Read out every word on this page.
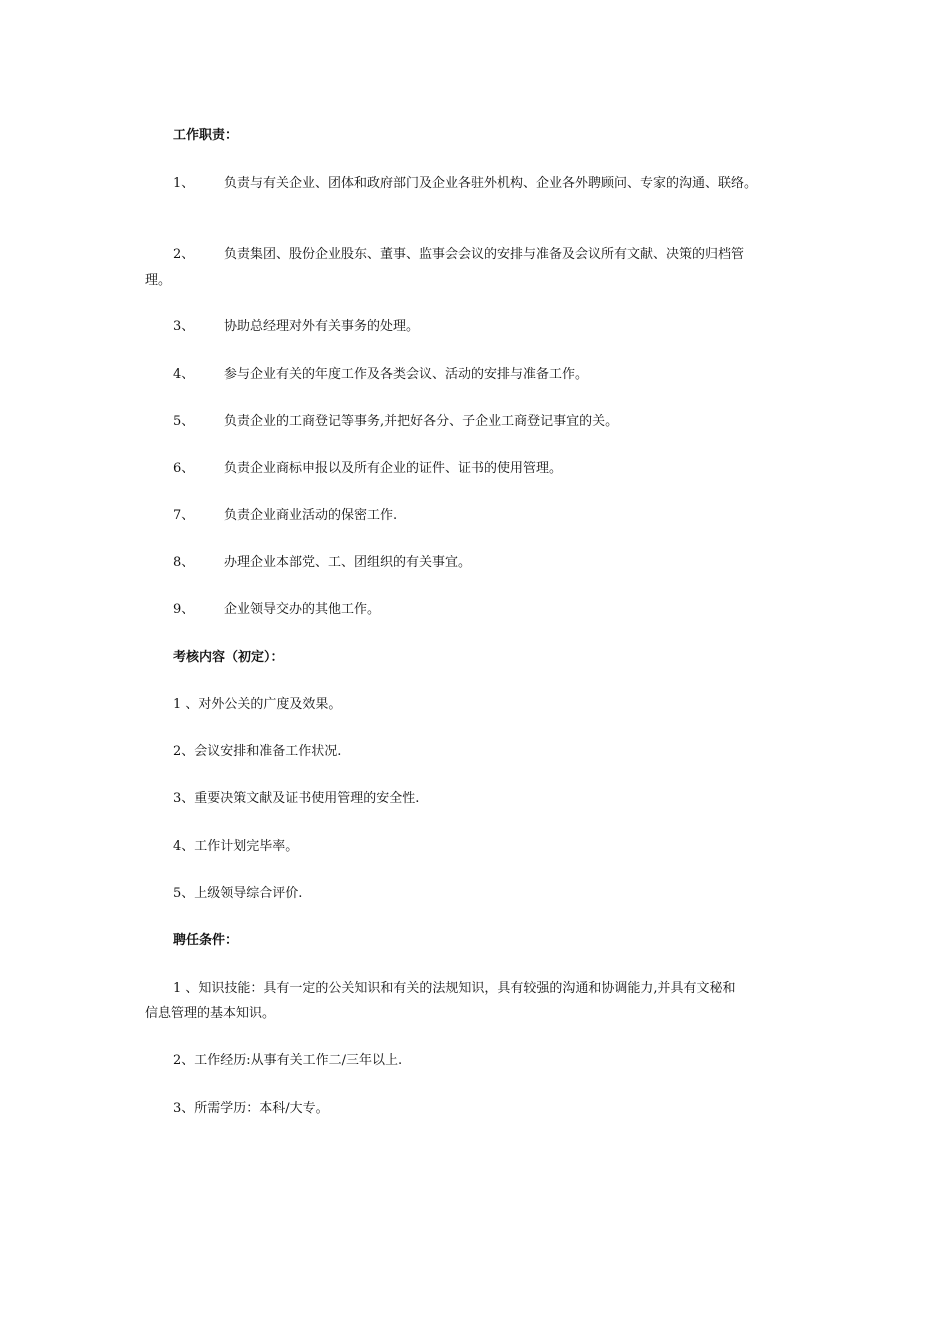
工作职责：
1、 负责与有关企业、团体和政府部门及企业各驻外机构、企业各外聘顾问、专家的沟通、联络。
2、 负责集团、股份企业股东、董事、监事会会议的安排与准备及会议所有文献、决策的归档管
理。
3、 协助总经理对外有关事务的处理。
4、 参与企业有关的年度工作及各类会议、活动的安排与准备工作。
5、 负责企业的工商登记等事务,并把好各分、子企业工商登记事宜的关。
6、 负责企业商标申报以及所有企业的证件、证书的使用管理。
7、 负责企业商业活动的保密工作.
8、 办理企业本部党、工、团组织的有关事宜。
9、 企业领导交办的其他工作。
考核内容（初定）：
1 、对外公关的广度及效果。
2、会议安排和准备工作状况.
3、重要决策文献及证书使用管理的安全性.
4、工作计划完毕率。
5、上级领导综合评价.
聘任条件：
1 、知识技能：具有一定的公关知识和有关的法规知识，具有较强的沟通和协调能力,并具有文秘和
信息管理的基本知识。
2、工作经历:从事有关工作二/三年以上.
3、所需学历：本科/大专。
